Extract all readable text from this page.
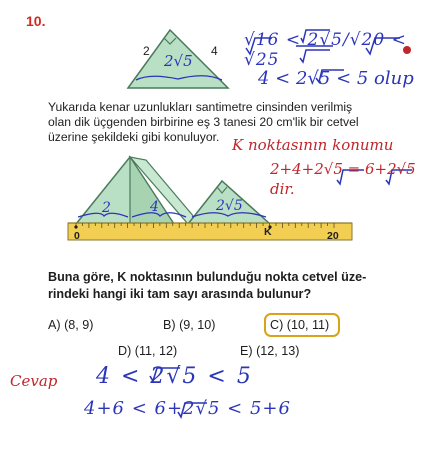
10.
2	4
2√5
√16 < 2√5/√20 < √25
4 < 2√5 < 5 olup
Yukarıda kenar uzunlukları santimetre cinsinden verilmiş
olan dik üçgenden birbirine eş 3 tanesi 20 cm'lik bir cetvel
üzerine şekildeki gibi konuluyor. K noktasının konumu
2+4+2√5 = 6+2√5
dir.
2	4	2√5
0	K	20
Buna göre, K noktasının bulunduğu nokta cetvel üze-
rindeki hangi iki tam sayı arasında bulunur?
A) (8, 9)	B) (9, 10)	C) (10, 11)
D) (11, 12)	E) (12, 13)
Cevap 4 < 2√5 < 5
4+6 < 6+2√5 < 5+6
